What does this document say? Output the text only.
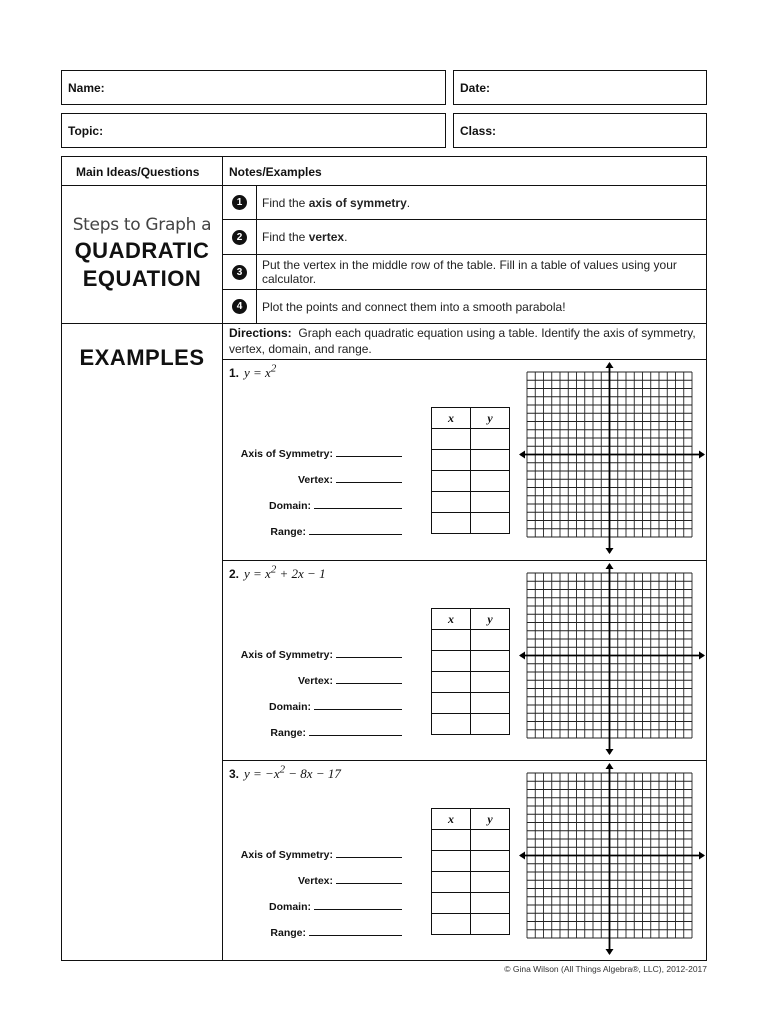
Name:	Date:
Topic:	Class:
Main Ideas/Questions Notes/Examples
Steps to Graph a
QUADRATIC
EQUATION
1	Find the axis of symmetry.
2	Find the vertex.
3	Put the vertex in the middle row of the table. Fill in a table of values using your calculator.
4	Plot the points and connect them into a smooth parabola!
EXAMPLES
Directions: Graph each quadratic equation using a table. Identify the axis of symmetry, vertex, domain, and range.
1. $y = x^2$
Axis of Symmetry:
Vertex:
Domain:
Range:
x	y

2. $y = x^2 + 2x - 1$
Axis of Symmetry:
Vertex:
Domain:
Range:
x	y

3. $y = -x^2 - 8x - 17$
Axis of Symmetry:
Vertex:
Domain:
Range:
x	y

© Gina Wilson (All Things Algebra®, LLC), 2012-2017
